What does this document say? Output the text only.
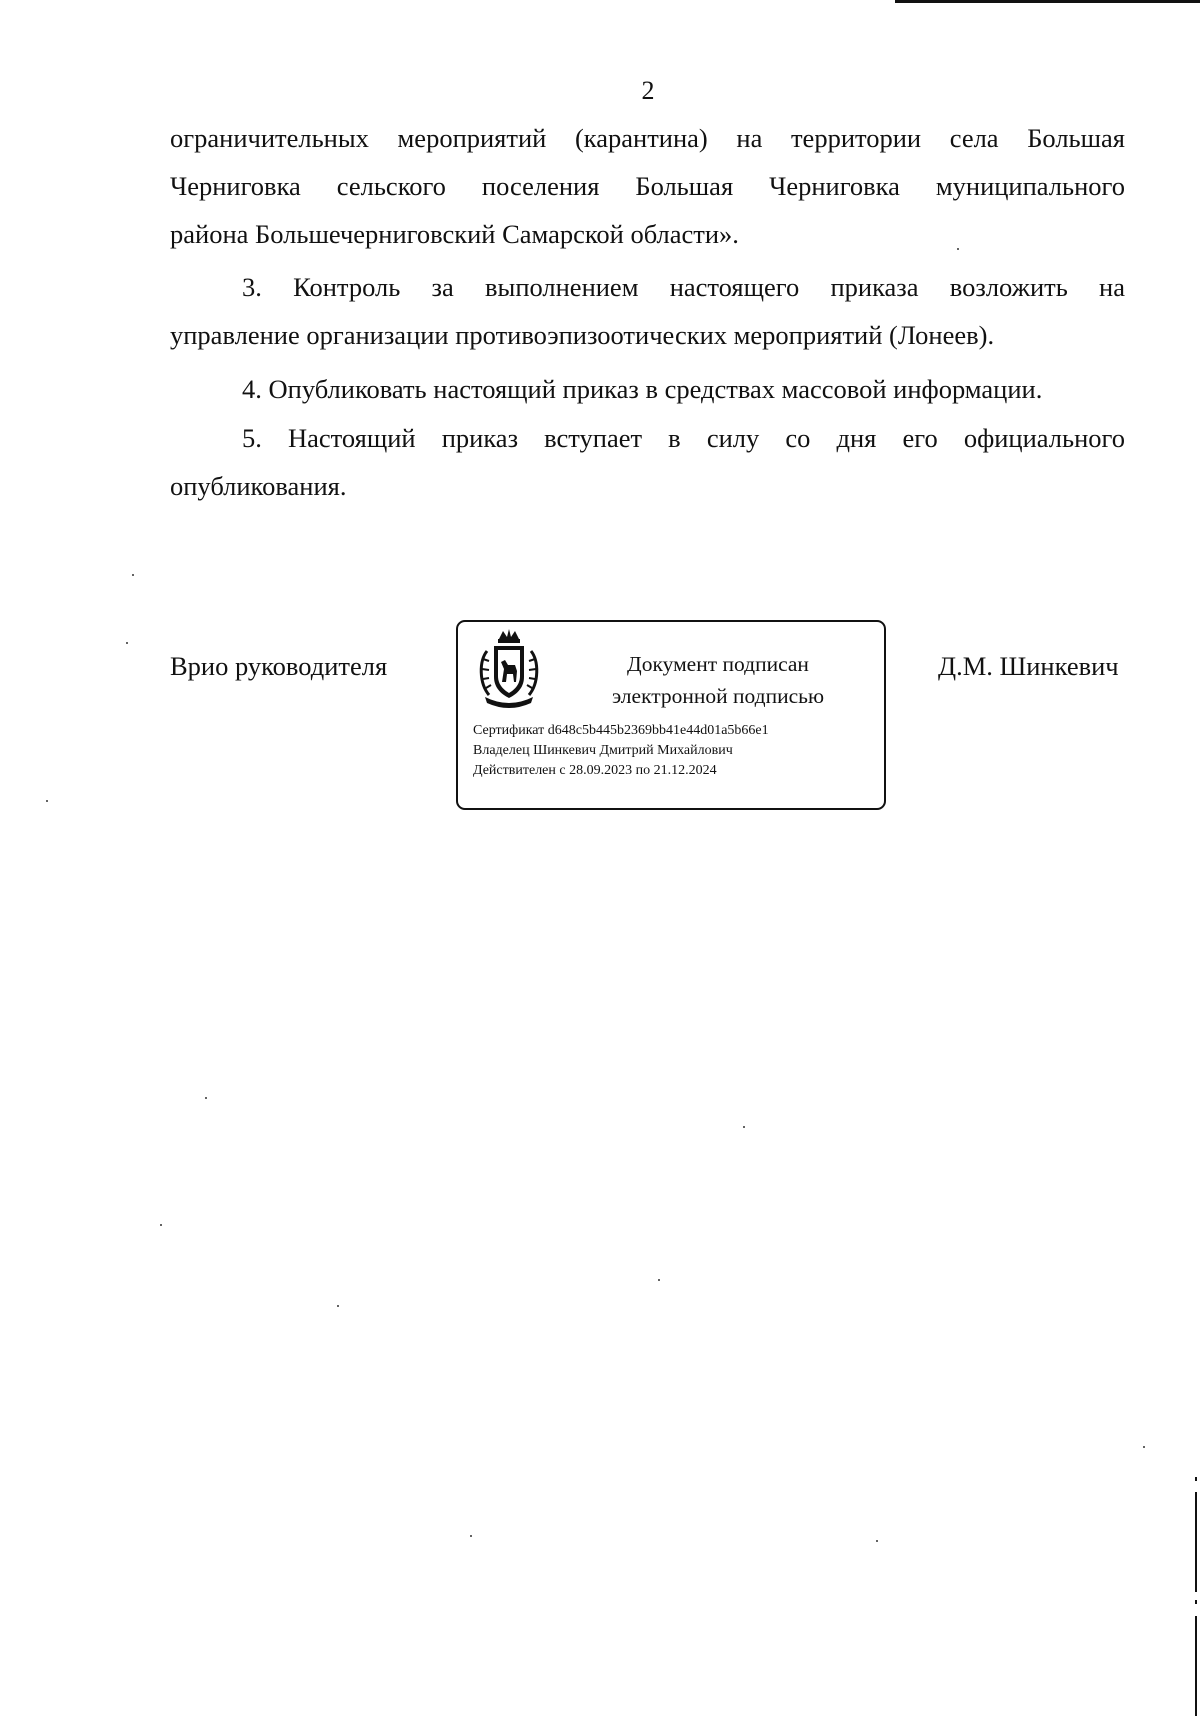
2
ограничительных мероприятий (карантина) на территории села Большая
Черниговка сельского поселения Большая Черниговка муниципального
района Большечерниговский Самарской области».
3. Контроль за выполнением настоящего приказа возложить на
управление организации противоэпизоотических мероприятий (Лонеев).
4. Опубликовать настоящий приказ в средствах массовой информации.
5. Настоящий приказ вступает в силу со дня его официального
опубликования.
Врио руководителя	Документ подписан
электронной подписью
Сертификат d648c5b445b2369bb41e44d01a5b66e1
Владелец Шинкевич Дмитрий Михайлович
Действителен с 28.09.2023 по 21.12.2024
Д.М. Шинкевич
